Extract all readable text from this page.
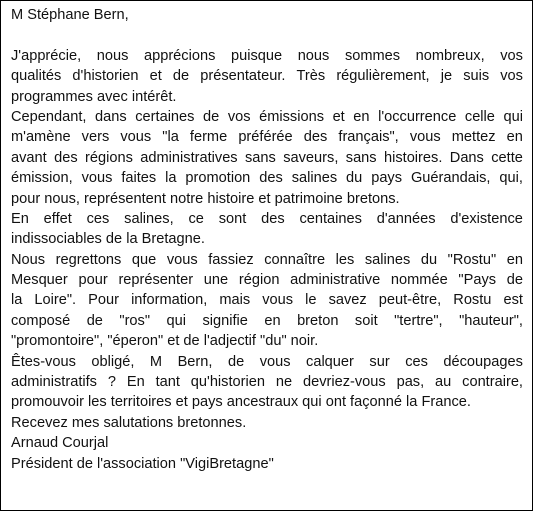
M Stéphane Bern,
J'apprécie, nous apprécions puisque nous sommes nombreux, vos
qualités d'historien et de présentateur. Très régulièrement, je suis vos
programmes avec intérêt.
Cependant, dans certaines de vos émissions et en l'occurrence celle qui
m'amène vers vous "la ferme préférée des français", vous mettez en
avant des régions administratives sans saveurs, sans histoires. Dans cette
émission, vous faites la promotion des salines du pays Guérandais, qui,
pour nous, représentent notre histoire et patrimoine bretons.
En effet ces salines, ce sont des centaines d'années d'existence
indissociables de la Bretagne.
Nous regrettons que vous fassiez connaître les salines du "Rostu" en
Mesquer pour représenter une région administrative nommée "Pays de
la Loire". Pour information, mais vous le savez peut-être, Rostu est
composé de "ros" qui signifie en breton soit "tertre", "hauteur",
"promontoire", "éperon" et de l'adjectif "du" noir.
Êtes-vous obligé, M Bern, de vous calquer sur ces découpages
administratifs ? En tant qu'historien ne devriez-vous pas, au contraire,
promouvoir les territoires et pays ancestraux qui ont façonné la France.
Recevez mes salutations bretonnes.
Arnaud Courjal
Président de l'association "VigiBretagne"
